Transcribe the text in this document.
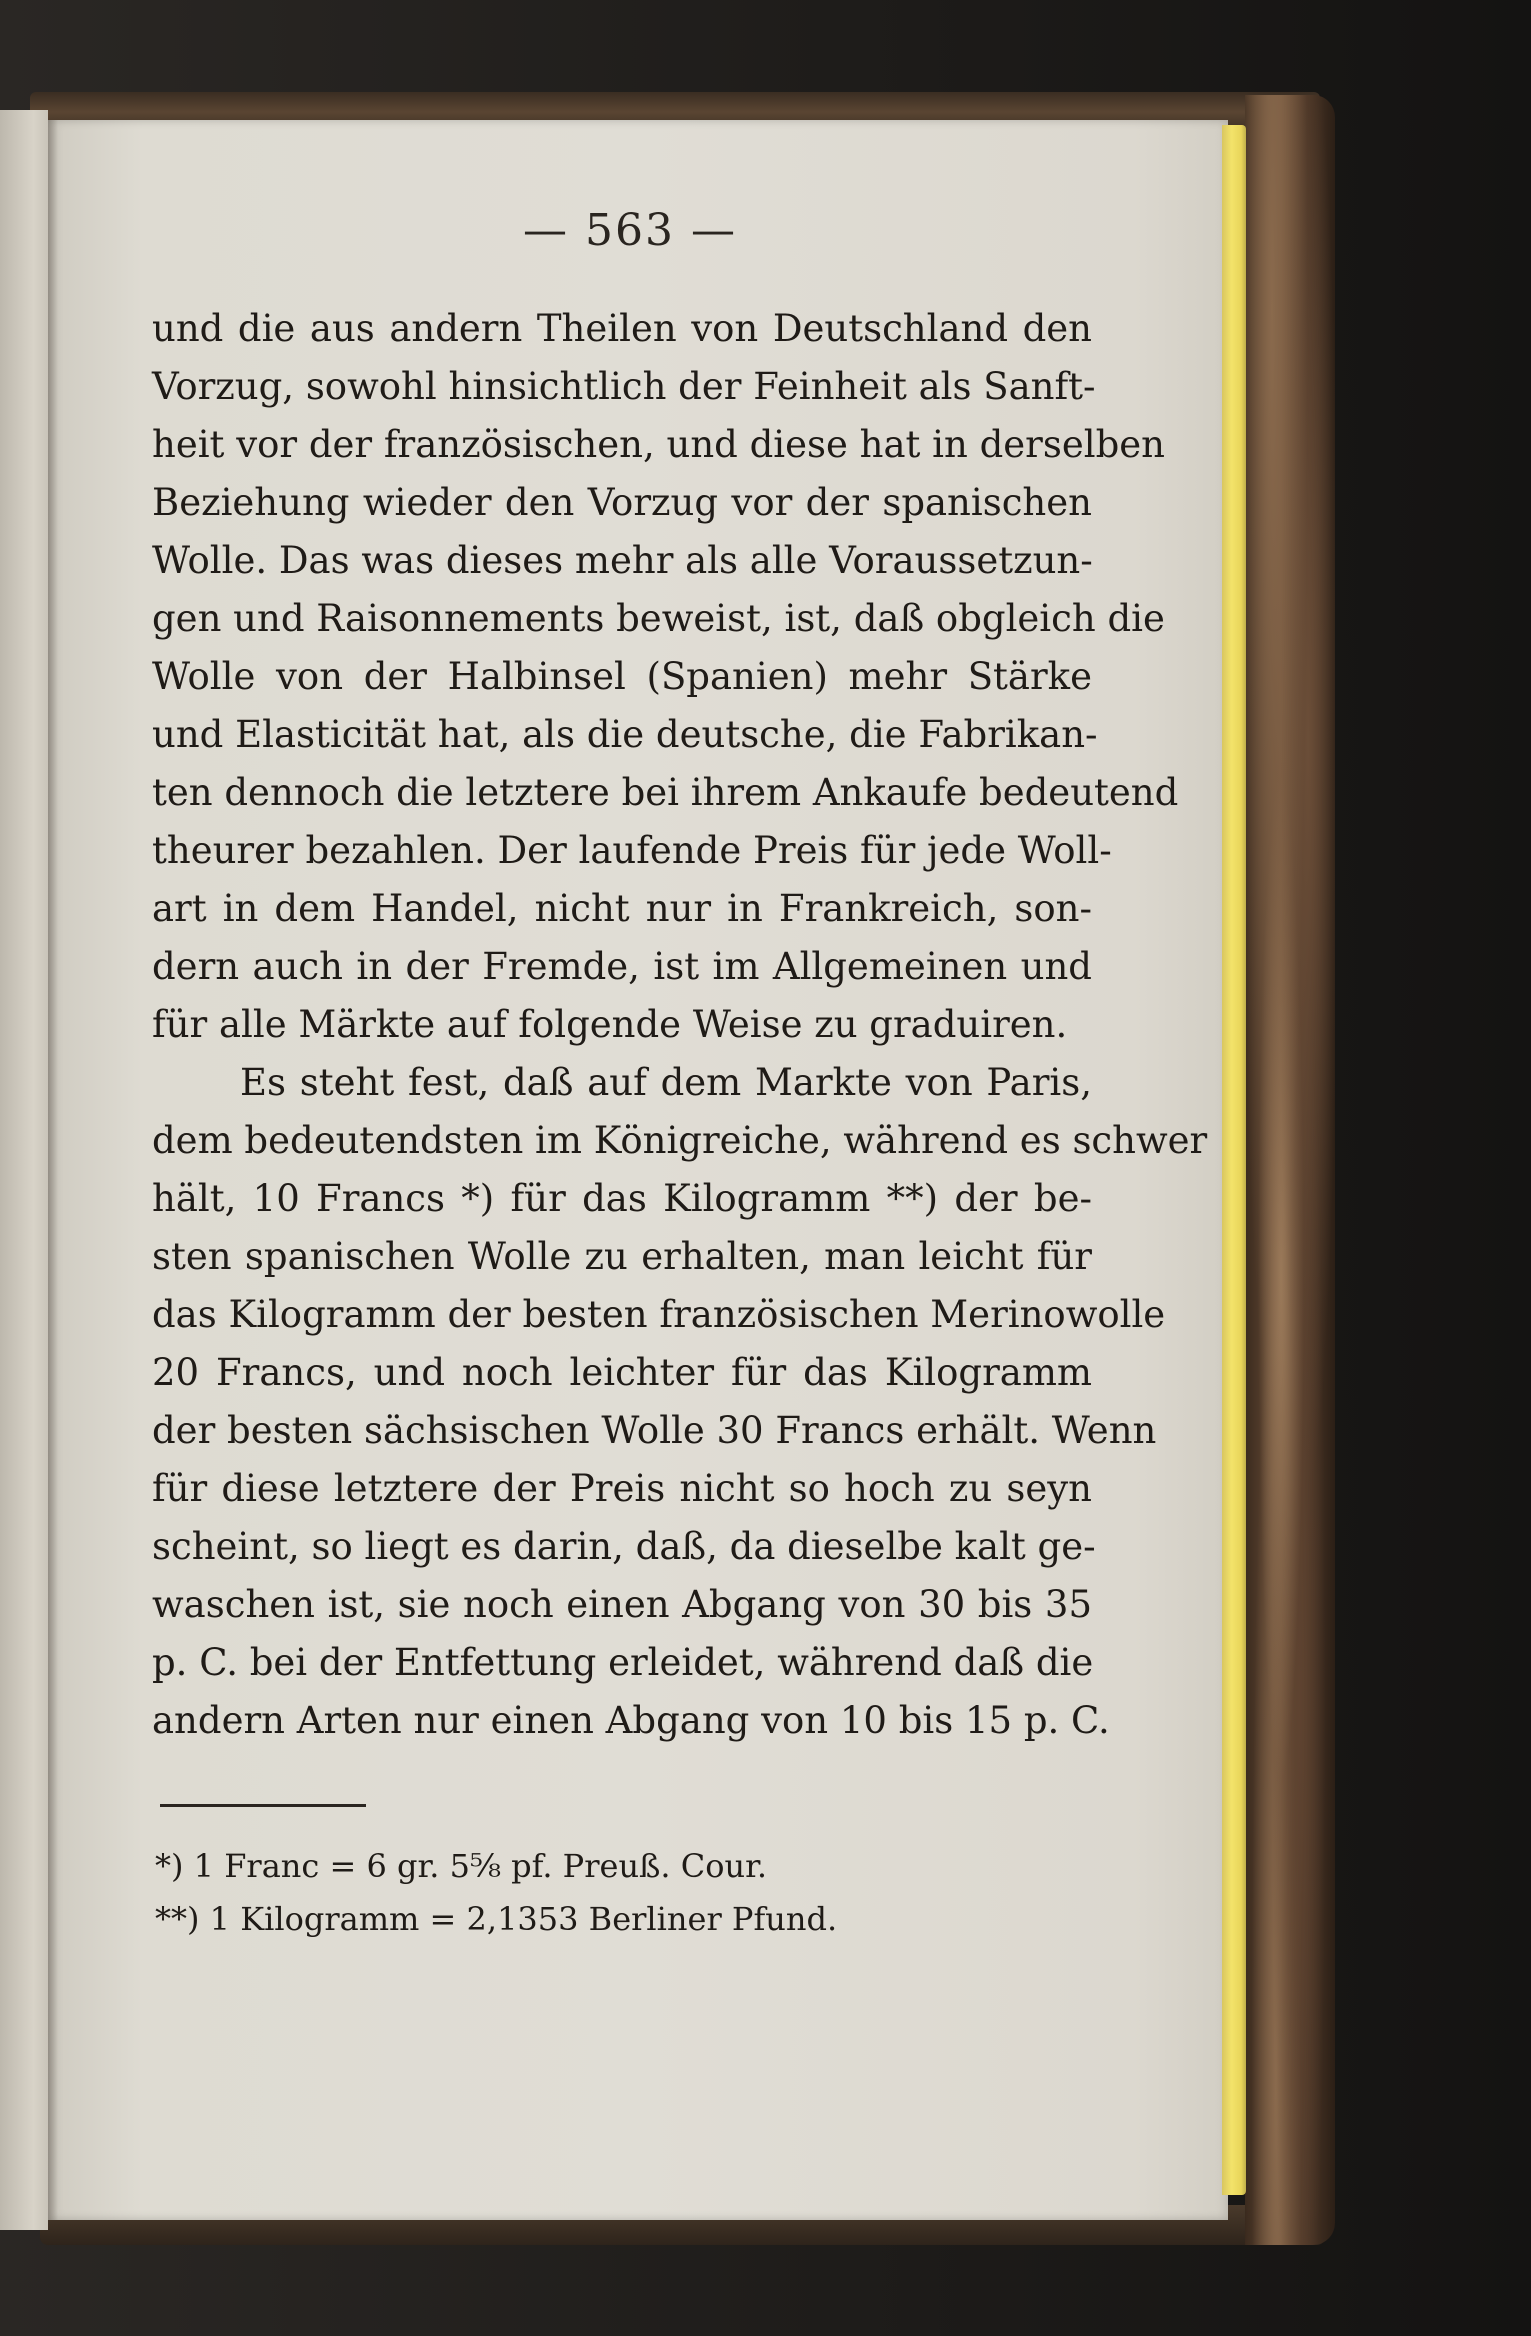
— 563 —
und die aus andern Theilen von Deutschland den
Vorzug, sowohl hinsichtlich der Feinheit als Sanft-
heit vor der französischen, und diese hat in derselben
Beziehung wieder den Vorzug vor der spanischen
Wolle. Das was dieses mehr als alle Voraussetzun-
gen und Raisonnements beweist, ist, daß obgleich die
Wolle von der Halbinsel (Spanien) mehr Stärke
und Elasticität hat, als die deutsche, die Fabrikan-
ten dennoch die letztere bei ihrem Ankaufe bedeutend
theurer bezahlen. Der laufende Preis für jede Woll-
art in dem Handel, nicht nur in Frankreich, son-
dern auch in der Fremde, ist im Allgemeinen und
für alle Märkte auf folgende Weise zu graduiren.
Es steht fest, daß auf dem Markte von Paris,
dem bedeutendsten im Königreiche, während es schwer
hält, 10 Francs *) für das Kilogramm **) der be-
sten spanischen Wolle zu erhalten, man leicht für
das Kilogramm der besten französischen Merinowolle
20 Francs, und noch leichter für das Kilogramm
der besten sächsischen Wolle 30 Francs erhält. Wenn
für diese letztere der Preis nicht so hoch zu seyn
scheint, so liegt es darin, daß, da dieselbe kalt ge-
waschen ist, sie noch einen Abgang von 30 bis 35
p. C. bei der Entfettung erleidet, während daß die
andern Arten nur einen Abgang von 10 bis 15 p. C.
*) 1 Franc = 6 gr. 5⅝ pf. Preuß. Cour.
**) 1 Kilogramm = 2,1353 Berliner Pfund.
